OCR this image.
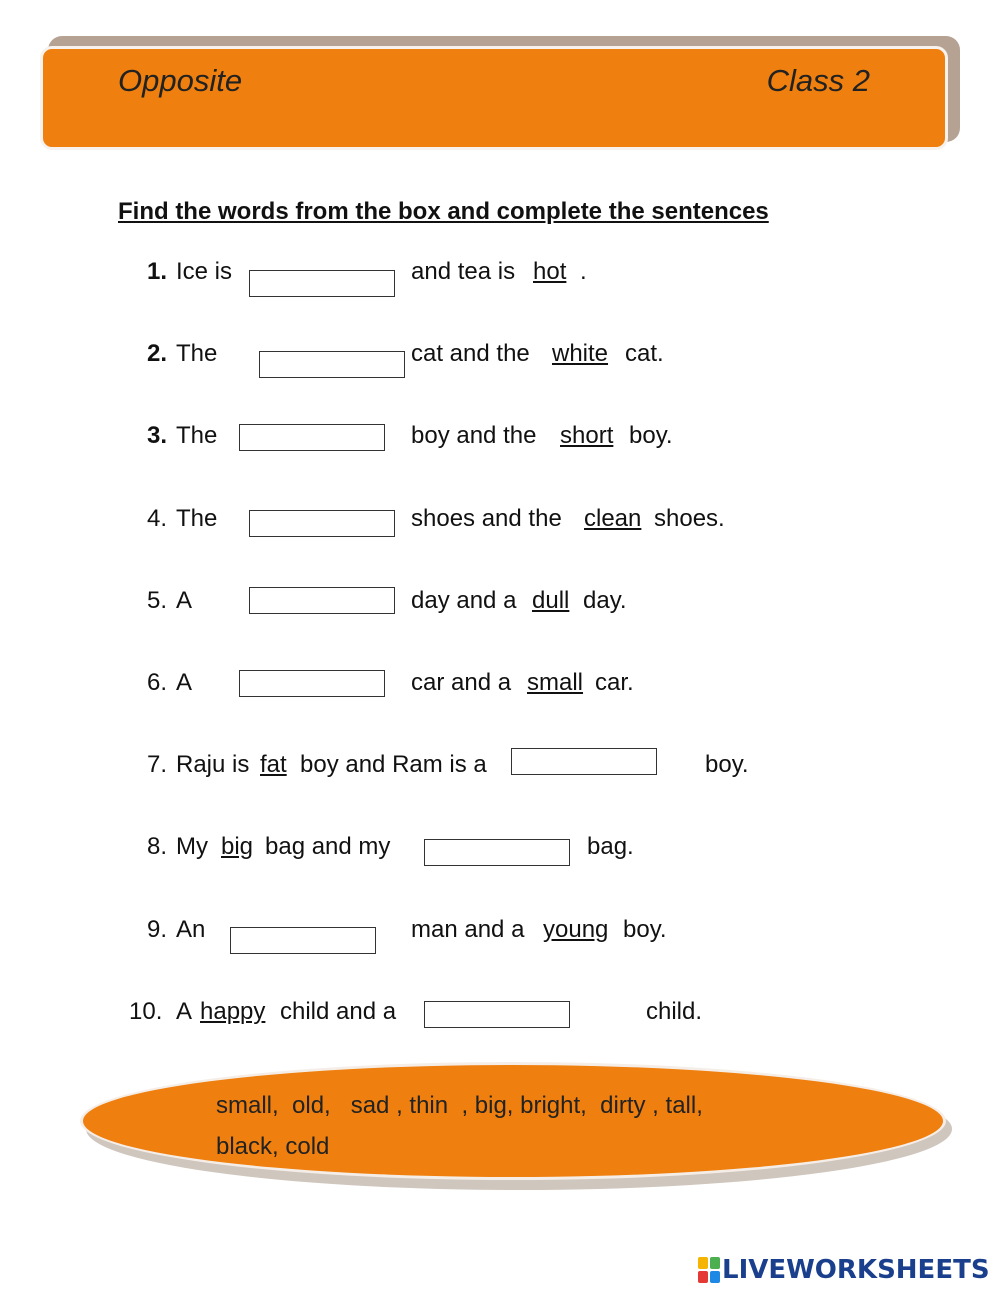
Opposite	Class 2
Find the words from the box and complete the sentences
1. Ice is	and tea is hot .
2. The	cat and the white cat.
3. The	boy and the short boy.
4. The	shoes and the clean shoes.
5. A	day and a dull day.
6. A	car and a small car.
7. Raju is fat boy and Ram is a	boy.
8. My big bag and my	bag.
9. An	man and a young boy.
10. A happy child and a	child.
small,  old,   sad , thin  , big, bright,  dirty , tall,
black, cold
LIVEWORKSHEETS
